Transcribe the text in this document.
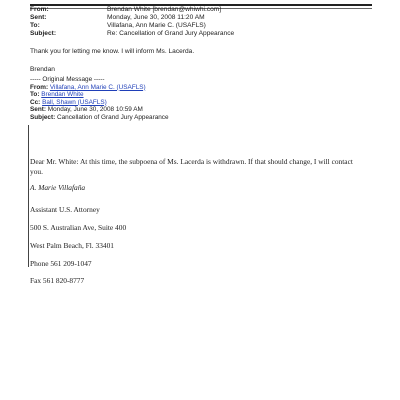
From:	Brendan White [brendan@whiwhi.com]
Sent:	Monday, June 30, 2008 11:20 AM
To:	Villafana, Ann Marie C. (USAFLS)
Subject:	Re: Cancellation of Grand Jury Appearance
Thank you for letting me know. I will inform Ms. Lacerda.
Brendan
----- Original Message -----
From: Villafana, Ann Marie C. (USAFLS)
To: Brendan White
Cc: Ball, Shawn (USAFLS)
Sent: Monday, June 30, 2008 10:59 AM
Subject: Cancellation of Grand Jury Appearance
Dear Mr. White: At this time, the subpoena of Ms. Lacerda is withdrawn. If that should change, I will contact
you.
A. Marie Villafaña
Assistant U.S. Attorney
500 S. Australian Ave, Suite 400
West Palm Beach, Fl. 33401
Phone 561 209-1047
Fax 561 820-8777
